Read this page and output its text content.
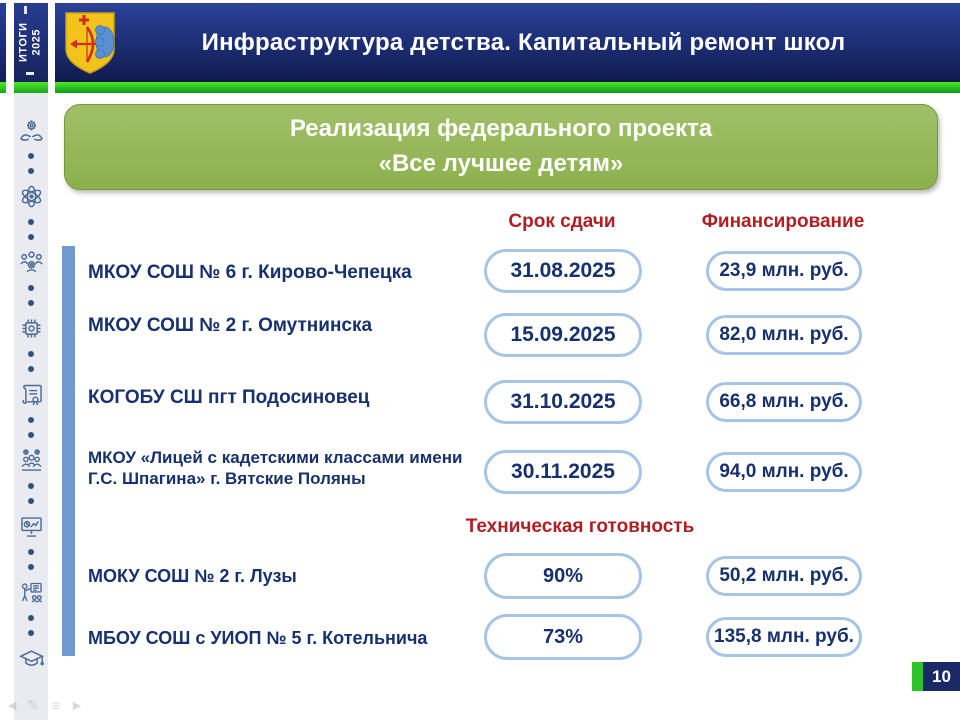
ИТОГИ 2025	Инфраструктура детства. Капитальный ремонт школ
Реализация федерального проекта
«Все лучшее детям»
Срок сдачи	Финансирование
МКОУ СОШ № 6 г. Кирово-Чепецка	31.08.2025	23,9 млн. руб.
МКОУ СОШ № 2 г. Омутнинска	15.09.2025	82,0 млн. руб.
КОГОБУ СШ пгт Подосиновец	31.10.2025	66,8 млн. руб.
МКОУ «Лицей с кадетскими классами имени Г.С. Шпагина» г. Вятские Поляны	30.11.2025	94,0 млн. руб.
Техническая готовность
МОКУ СОШ № 2 г. Лузы	90%	50,2 млн. руб.
МБОУ СОШ с УИОП № 5 г. Котельнича	73%	135,8 млн. руб.
10
◄ ✎ ≡ ►
